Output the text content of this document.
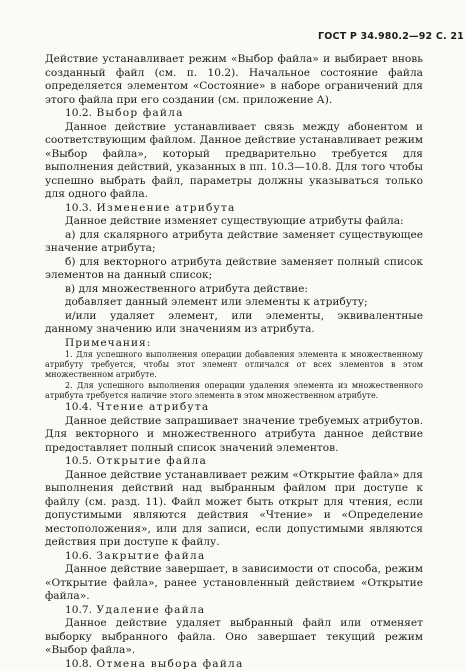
ГОСТ Р 34.980.2—92 С. 21

Действие устанавливает режим «Выбор файла» и выбирает вновь созданный файл (см. п. 10.2). Начальное состояние файла определяется элементом «Состояние» в наборе ограничений для этого файла при его создании (см. приложение А).

10.2. Выбор файла

Данное действие устанавливает связь между абонентом и соответствующим файлом. Данное действие устанавливает режим «Выбор файла», который предварительно требуется для выполнения действий, указанных в пп. 10.3—10.8. Для того чтобы успешно выбрать файл, параметры должны указываться только для одного файла.

10.3. Изменение атрибута

Данное действие изменяет существующие атрибуты файла:

а) для скалярного атрибута действие заменяет существующее значение атрибута;

б) для векторного атрибута действие заменяет полный список элементов на данный список;

в) для множественного атрибута действие:

добавляет данный элемент или элементы к атрибуту;

и/или удаляет элемент, или элементы, эквивалентные данному значению или значениям из атрибута.

Примечания:

1. Для успешного выполнения операции добавления элемента к множественному атрибуту требуется, чтобы этот элемент отличался от всех элементов в этом множественном атрибуте.

2. Для успешного выполнения операции удаления элемента из множественного атрибута требуется наличие этого элемента в этом множественном атрибуте.

10.4. Чтение атрибута

Данное действие запрашивает значение требуемых атрибутов. Для векторного и множественного атрибута данное действие предоставляет полный список значений элементов.

10.5. Открытие файла

Данное действие устанавливает режим «Открытие файла» для выполнения действий над выбранным файлом при доступе к файлу (см. разд. 11). Файл может быть открыт для чтения, если допустимыми являются действия «Чтение» и «Определение местоположения», или для записи, если допустимыми являются действия при доступе к файлу.

10.6. Закрытие файла

Данное действие завершает, в зависимости от способа, режим «Открытие файла», ранее установленный действием «Открытие файла».

10.7. Удаление файла

Данное действие удаляет выбранный файл или отменяет выборку выбранного файла. Оно завершает текущий режим «Выбор файла».

10.8. Отмена выбора файла
